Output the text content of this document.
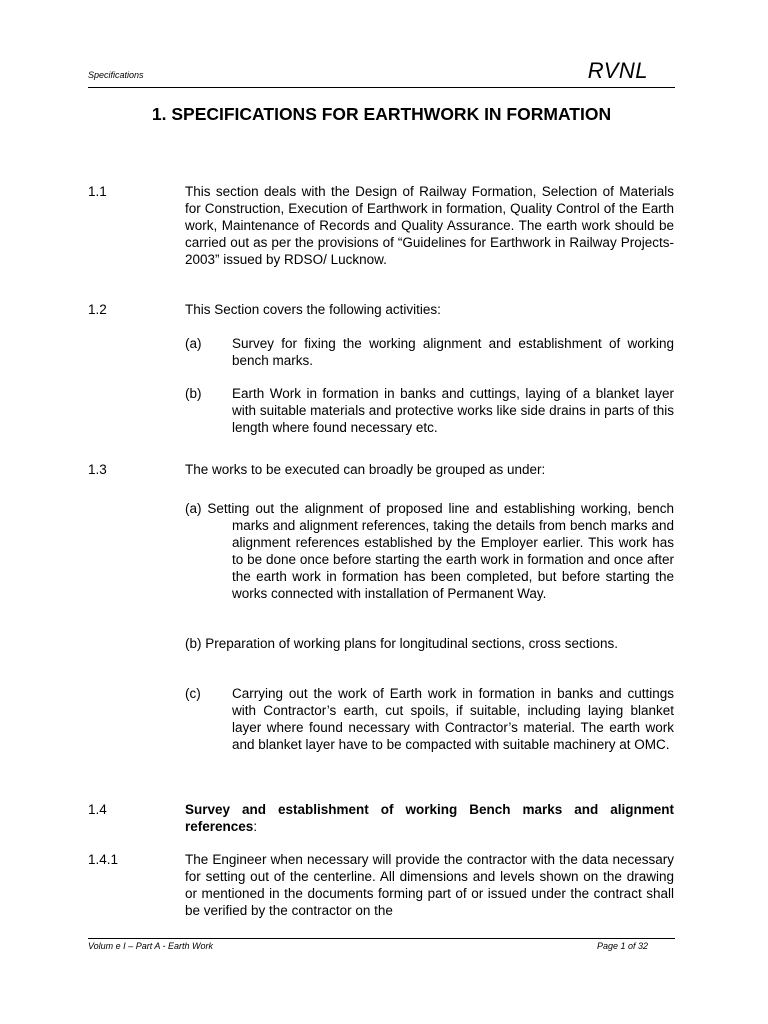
Specifications	RVNL
1. SPECIFICATIONS FOR EARTHWORK IN FORMATION
1.1	This section deals with the Design of Railway Formation, Selection of Materials for Construction, Execution of Earthwork in formation, Quality Control of the Earth work, Maintenance of Records and Quality Assurance. The earth work should be carried out as per the provisions of “Guidelines for Earthwork in Railway Projects-2003” issued by RDSO/ Lucknow.
1.2	This Section covers the following activities:
(a) Survey for fixing the working alignment and establishment of working bench marks.
(b) Earth Work in formation in banks and cuttings, laying of a blanket layer with suitable materials and protective works like side drains in parts of this length where found necessary etc.
1.3	The works to be executed can broadly be grouped as under:
(a) Setting out the alignment of proposed line and establishing working, bench marks and alignment references, taking the details from bench marks and alignment references established by the Employer earlier. This work has to be done once before starting the earth work in formation and once after the earth work in formation has been completed, but before starting the works connected with installation of Permanent Way.
(b) Preparation of working plans for longitudinal sections, cross sections.
(c) Carrying out the work of Earth work in formation in banks and cuttings with Contractor’s earth, cut spoils, if suitable, including laying blanket layer where found necessary with Contractor’s material. The earth work and blanket layer have to be compacted with suitable machinery at OMC.
1.4	Survey and establishment of working Bench marks and alignment references:
1.4.1	The Engineer when necessary will provide the contractor with the data necessary for setting out of the centerline. All dimensions and levels shown on the drawing or mentioned in the documents forming part of or issued under the contract shall be verified by the contractor on the
Volum e I – Part A - Earth Work	Page 1 of 32
